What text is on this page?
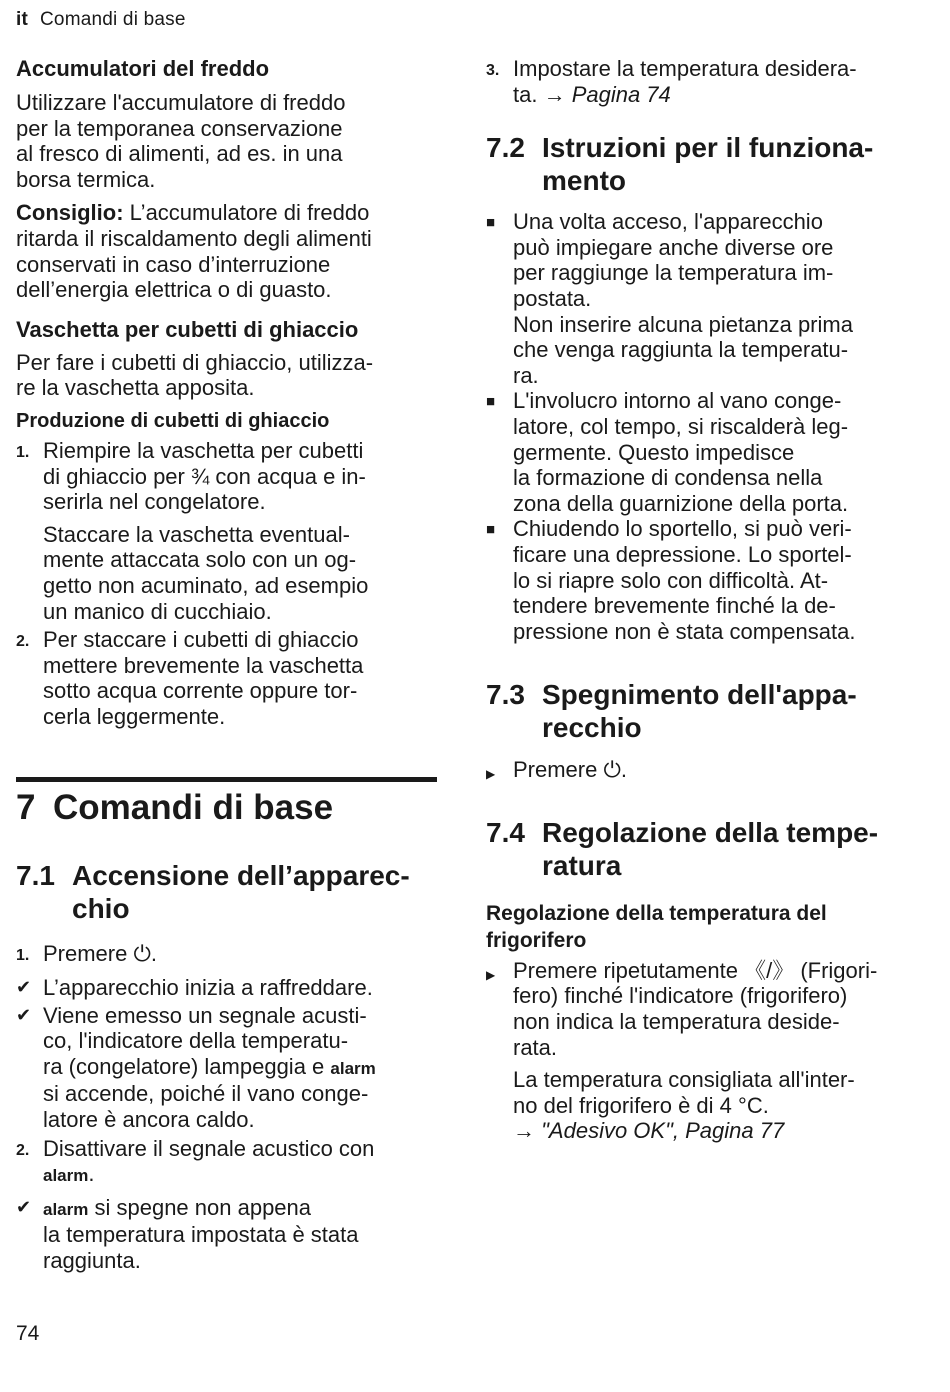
it Comandi di base
Accumulatori del freddo
Utilizzare l'accumulatore di freddo
per la temporanea conservazione
al fresco di alimenti, ad es. in una
borsa termica.
Consiglio: L’accumulatore di freddo
ritarda il riscaldamento degli alimenti
conservati in caso d’interruzione
dell’energia elettrica o di guasto.
Vaschetta per cubetti di ghiaccio
Per fare i cubetti di ghiaccio, utilizza-
re la vaschetta apposita.
Produzione di cubetti di ghiaccio
1. Riempire la vaschetta per cubetti
di ghiaccio per ¾ con acqua e in-
serirla nel congelatore.
Staccare la vaschetta eventual-
mente attaccata solo con un og-
getto non acuminato, ad esempio
un manico di cucchiaio.
2. Per staccare i cubetti di ghiaccio
mettere brevemente la vaschetta
sotto acqua corrente oppure tor-
cerla leggermente.
7 Comandi di base
7.1 Accensione dell’apparec-
chio
1. Premere ⏻.
✔ L’apparecchio inizia a raffreddare.
✔ Viene emesso un segnale acusti-
co, l'indicatore della temperatu-
ra (congelatore) lampeggia e alarm
si accende, poiché il vano conge-
latore è ancora caldo.
2. Disattivare il segnale acustico con
alarm.
✔ alarm si spegne non appena
la temperatura impostata è stata
raggiunta.
3. Impostare la temperatura desidera-
ta. → Pagina 74
7.2 Istruzioni per il funziona-
mento
■ Una volta acceso, l'apparecchio
può impiegare anche diverse ore
per raggiunge la temperatura im-
postata.
Non inserire alcuna pietanza prima
che venga raggiunta la temperatu-
ra.
■ L'involucro intorno al vano conge-
latore, col tempo, si riscalderà leg-
germente. Questo impedisce
la formazione di condensa nella
zona della guarnizione della porta.
■ Chiudendo lo sportello, si può veri-
ficare una depressione. Lo sportel-
lo si riapre solo con difficoltà. At-
tendere brevemente finché la de-
pressione non è stata compensata.
7.3 Spegnimento dell'appa-
recchio
▶ Premere ⏻.
7.4 Regolazione della tempe-
ratura
Regolazione della temperatura del
frigorifero
▶ Premere ripetutamente 《/》 (Frigori-
fero) finché l'indicatore (frigorifero)
non indica la temperatura deside-
rata.
La temperatura consigliata all'inter-
no del frigorifero è di 4 °C.
→ "Adesivo OK", Pagina 77
74
